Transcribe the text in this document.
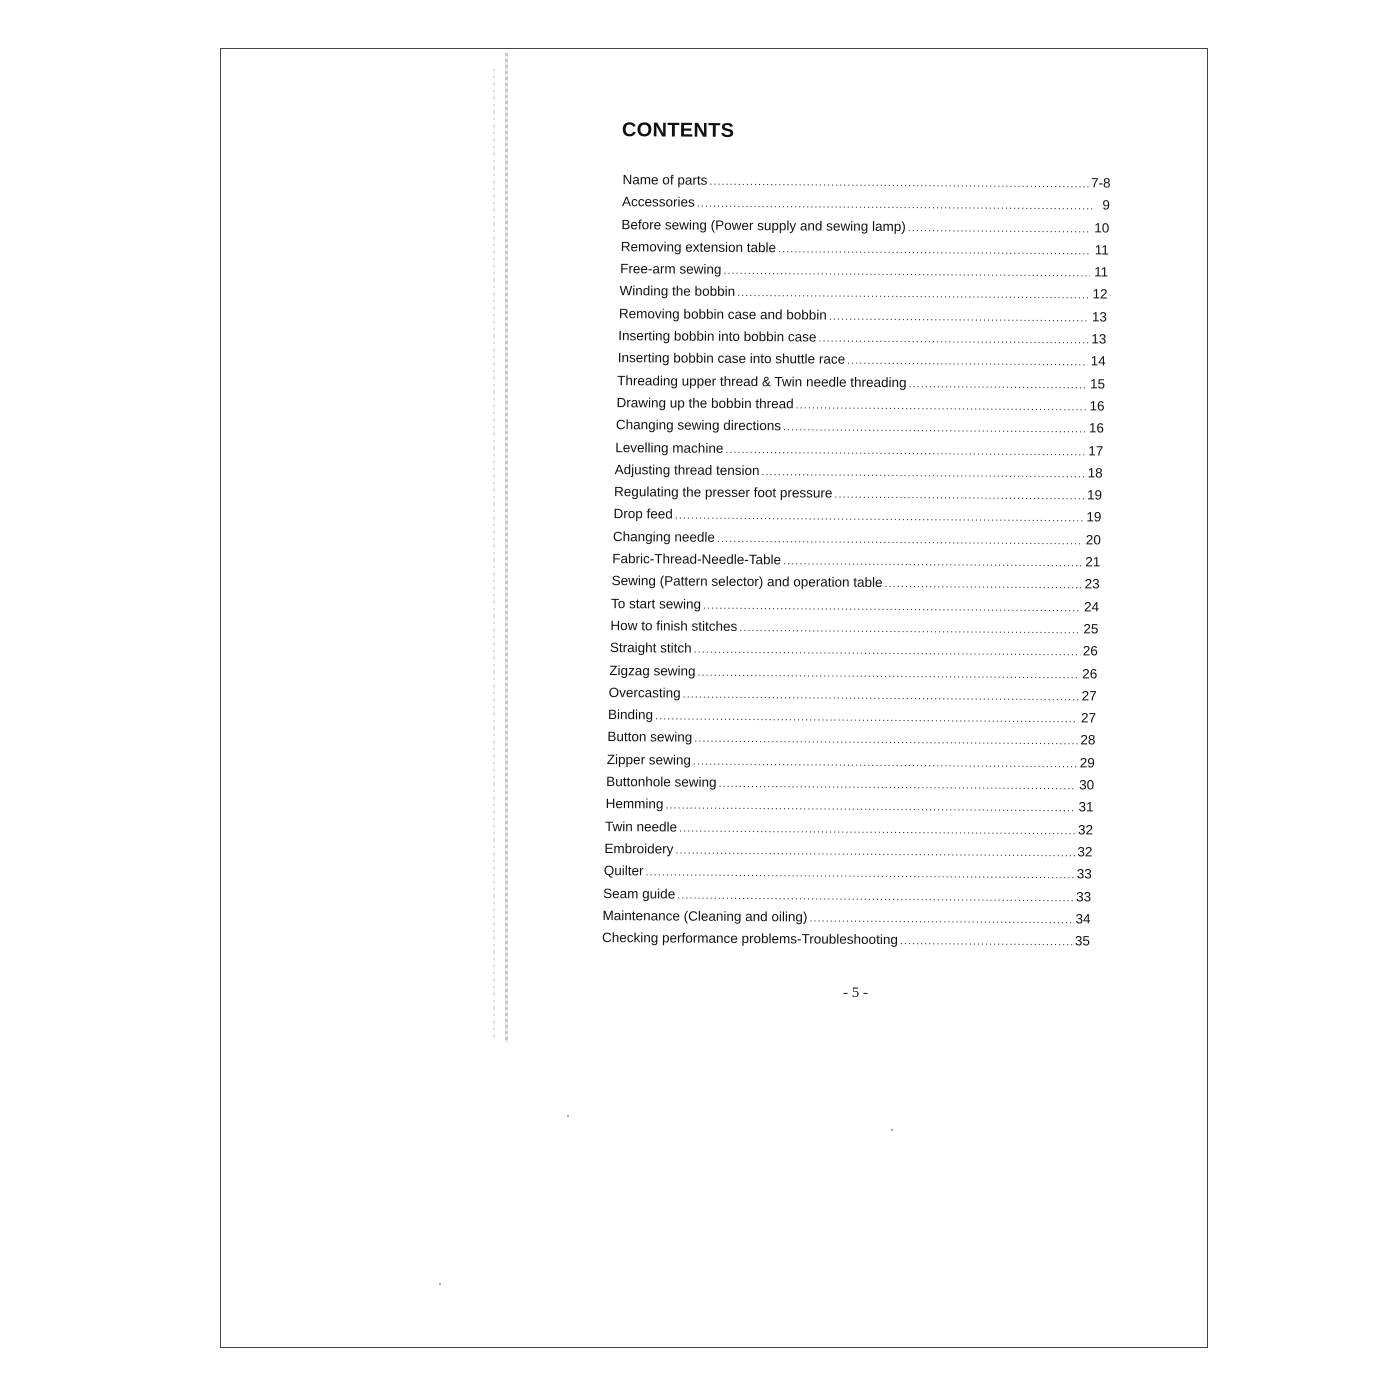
CONTENTS
Name of parts .....	7-8
Accessories .....	9
Before sewing (Power supply and sewing lamp) .....	10
Removing extension table .....	11
Free-arm sewing .....	11
Winding the bobbin .....	12
Removing bobbin case and bobbin .....	13
Inserting bobbin into bobbin case .....	13
Inserting bobbin case into shuttle race .....	14
Threading upper thread & Twin needle threading .....	15
Drawing up the bobbin thread .....	16
Changing sewing directions .....	16
Levelling machine .....	17
Adjusting thread tension .....	18
Regulating the presser foot pressure .....	19
Drop feed .....	19
Changing needle .....	20
Fabric-Thread-Needle-Table .....	21
Sewing (Pattern selector) and operation table .....	23
To start sewing .....	24
How to finish stitches .....	25
Straight stitch .....	26
Zigzag sewing .....	26
Overcasting .....	27
Binding .....	27
Button sewing .....	28
Zipper sewing .....	29
Buttonhole sewing .....	30
Hemming .....	31
Twin needle .....	32
Embroidery .....	32
Quilter .....	33
Seam guide .....	33
Maintenance (Cleaning and oiling) .....	34
Checking performance problems-Troubleshooting .....	35
- 5 -
